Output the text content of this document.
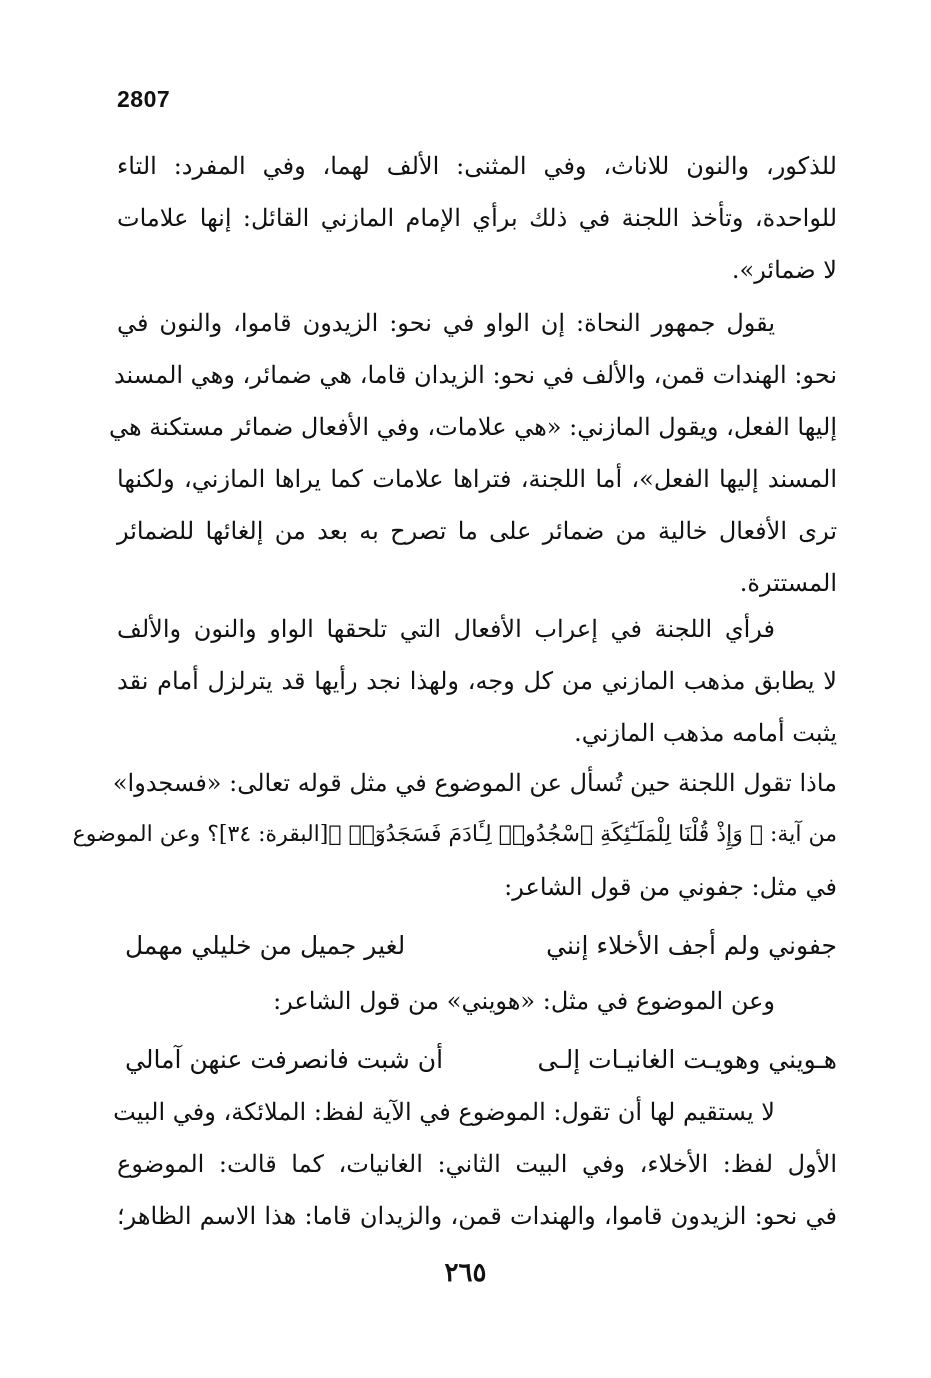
2807
للذكور، والنون للاناث، وفي المثنى: الألف لهما، وفي المفرد: التاء
للواحدة، وتأخذ اللجنة في ذلك برأي الإمام المازني القائل: إنها علامات
لا ضمائر».
يقول جمهور النحاة: إن الواو في نحو: الزيدون قاموا، والنون في
نحو: الهندات قمن، والألف في نحو: الزيدان قاما، هي ضمائر، وهي المسند
إليها الفعل، ويقول المازني: «هي علامات، وفي الأفعال ضمائر مستكنة هي
المسند إليها الفعل»، أما اللجنة، فتراها علامات كما يراها المازني، ولكنها
ترى الأفعال خالية من ضمائر على ما تصرح به بعد من إلغائها للضمائر
المستترة.
فرأي اللجنة في إعراب الأفعال التي تلحقها الواو والنون والألف
لا يطابق مذهب المازني من كل وجه، ولهذا نجد رأيها قد يترلزل أمام نقد
يثبت أمامه مذهب المازني.
ماذا تقول اللجنة حين تُسأل عن الموضوع في مثل قوله تعالى: «فسجدوا»
من آية: ﴿ وَإِذْ قُلْنَا لِلْمَلَـٰٓئِكَةِ ٱسْجُدُوا۟ لِـَٔادَمَ فَسَجَدُوٓا۟ ﴾[البقرة: ٣٤]؟ وعن الموضوع
في مثل: جفوني من قول الشاعر:
جفوني ولم أجف الأخلاء إنني
لغير جميل من خليلي مهمل
وعن الموضوع في مثل: «هويني» من قول الشاعر:
هـويني وهويـت الغانيـات إلـى
أن شبت فانصرفت عنهن آمالي
لا يستقيم لها أن تقول: الموضوع في الآية لفظ: الملائكة، وفي البيت
الأول لفظ: الأخلاء، وفي البيت الثاني: الغانيات، كما قالت: الموضوع
في نحو: الزيدون قاموا، والهندات قمن، والزيدان قاما: هذا الاسم الظاهر؛
٢٦٥
